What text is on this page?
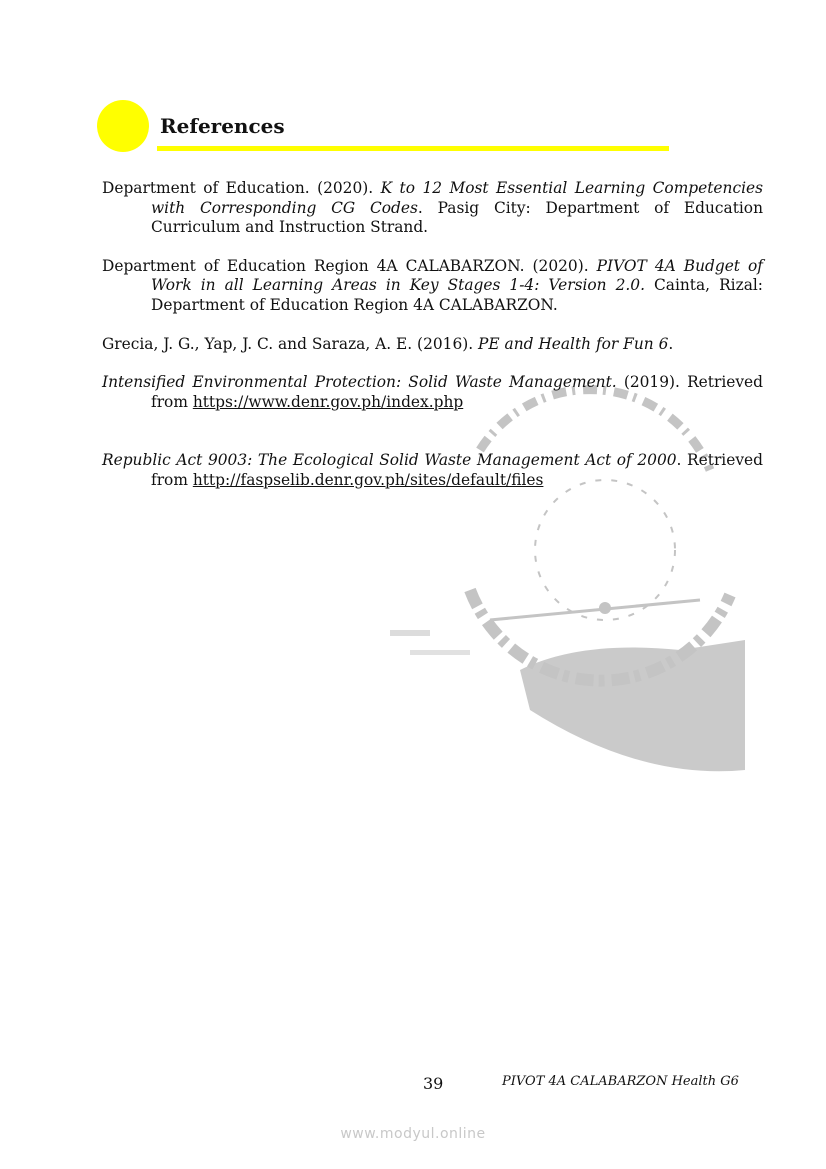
References

Department of Education. (2020). K to 12 Most Essential Learning Competencies with Corresponding CG Codes. Pasig City: Department of Education Curriculum and Instruction Strand.

Department of Education Region 4A CALABARZON. (2020). PIVOT 4A Budget of Work in all Learning Areas in Key Stages 1-4: Version 2.0. Cainta, Rizal: Department of Education Region 4A CALABARZON.

Grecia, J. G., Yap, J. C. and Saraza, A. E. (2016). PE and Health for Fun 6.

Intensified Environmental Protection: Solid Waste Management. (2019). Retrieved from https://www.denr.gov.ph/index.php

Republic Act 9003: The Ecological Solid Waste Management Act of 2000. Retrieved from http://faspselib.denr.gov.ph/sites/default/files

39	PIVOT 4A CALABARZON Health G6
www.modyul.online
